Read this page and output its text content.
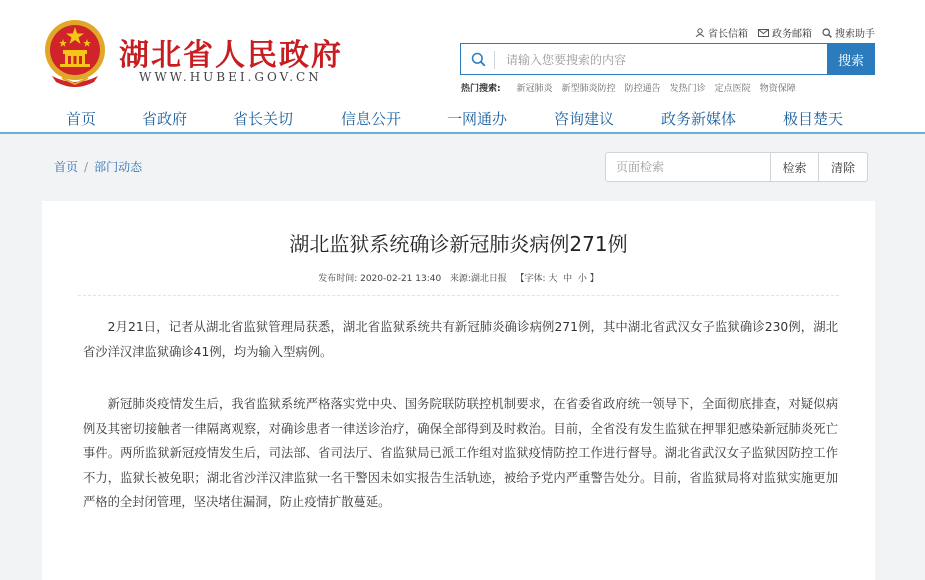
湖北省人民政府
WWW.HUBEI.GOV.CN
省长信箱 政务邮箱 搜索助手
请输入您要搜索的内容
搜索
热门搜索: 新冠肺炎 新型肺炎防控 防控通告 发热门诊 定点医院 物资保障
首页	省政府	省长关切	信息公开	一网通办	咨询建议	政务新媒体	极目楚天
首页 / 部门动态
页面检索	检索	清除
湖北监狱系统确诊新冠肺炎病例271例
发布时间: 2020-02-21 13:40 来源:湖北日报 【字体: 大 中 小 】

2月21日，记者从湖北省监狱管理局获悉，湖北省监狱系统共有新冠肺炎确诊病例271例，其中湖北省武汉女子监狱确诊230例，湖北省沙洋汉津监狱确诊41例，均为输入型病例。

新冠肺炎疫情发生后，我省监狱系统严格落实党中央、国务院联防联控机制要求，在省委省政府统一领导下，全面彻底排查，对疑似病例及其密切接触者一律隔离观察，对确诊患者一律送诊治疗，确保全部得到及时救治。目前，全省没有发生监狱在押罪犯感染新冠肺炎死亡事件。两所监狱新冠疫情发生后，司法部、省司法厅、省监狱局已派工作组对监狱疫情防控工作进行督导。湖北省武汉女子监狱因防控工作不力，监狱长被免职；湖北省沙洋汉津监狱一名干警因未如实报告生活轨迹，被给予党内严重警告处分。目前，省监狱局将对监狱实施更加严格的全封闭管理，坚决堵住漏洞，防止疫情扩散蔓延。
